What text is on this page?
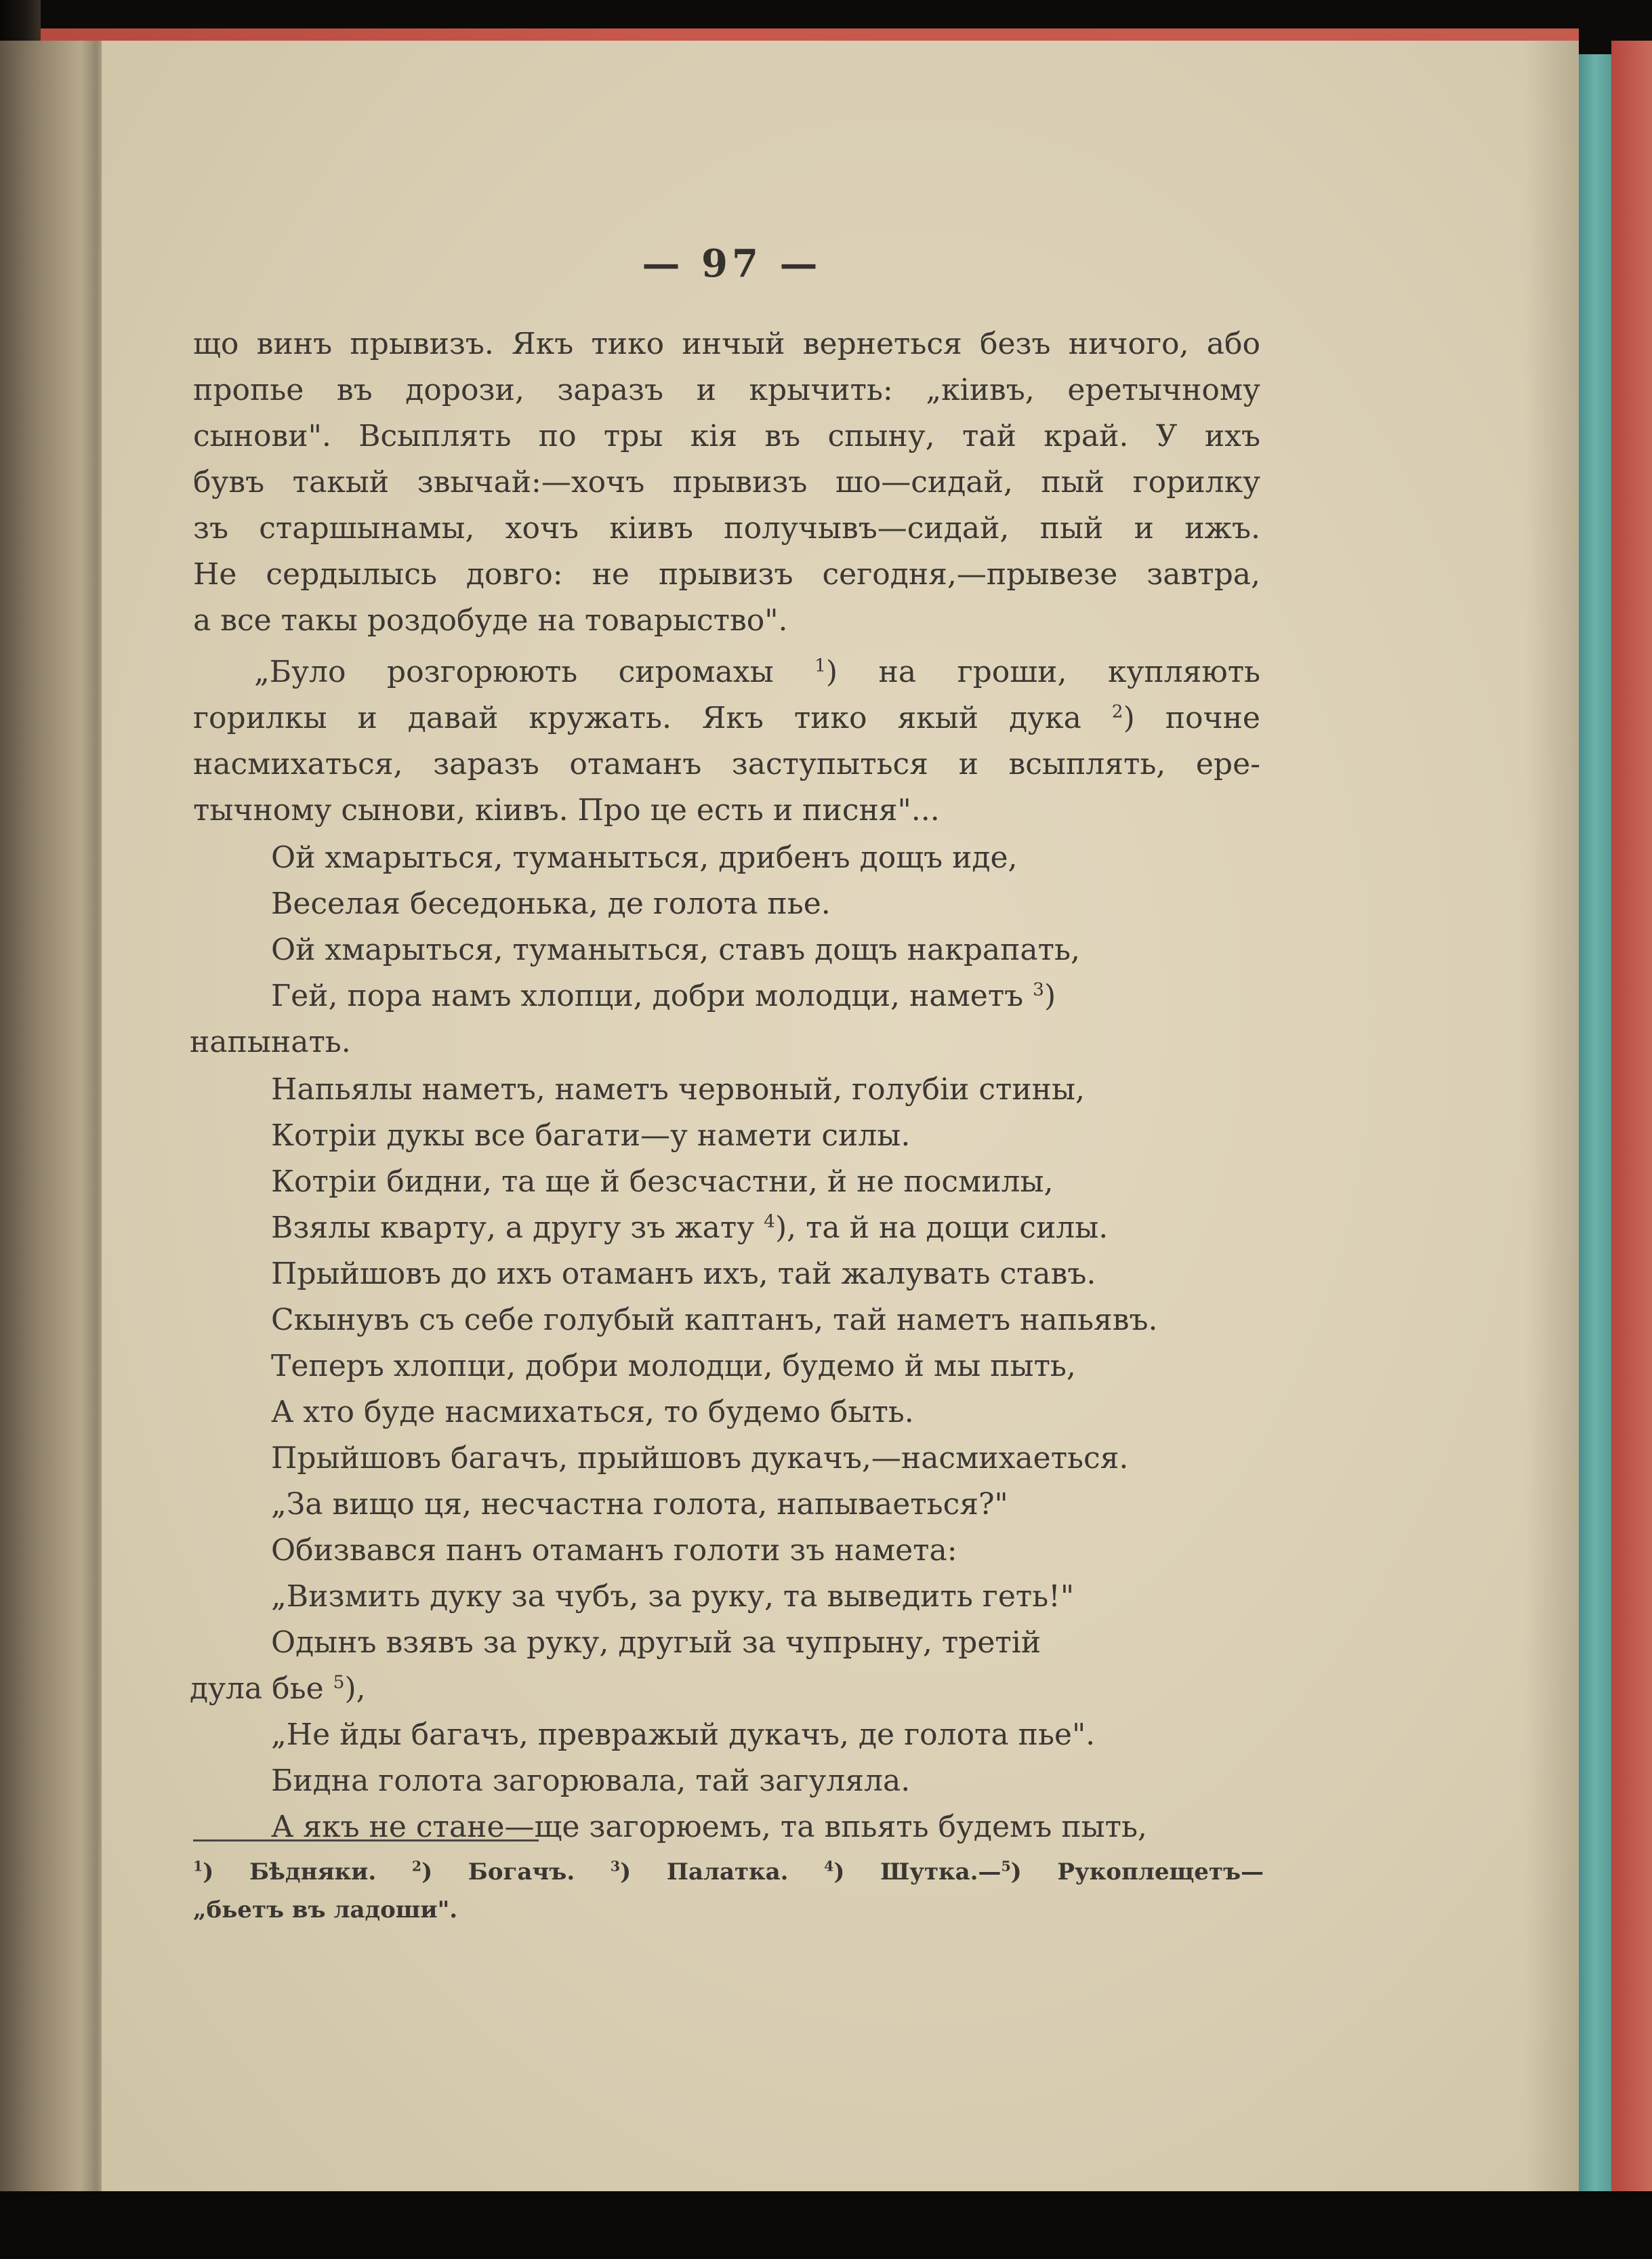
— 97 —
що винъ прывизъ. Якъ тико инчый вернеться безъ ничого, або
пропье въ дорози, заразъ и крычить: „кіивъ, еретычному
сынови". Всыплять по тры кія въ спыну, тай край. У ихъ
бувъ такый звычай:—хочъ прывизъ шо—сидай, пый горилку
зъ старшынамы, хочъ кіивъ получывъ—сидай, пый и ижъ.
Не сердылысь довго: не прывизъ сегодня,—прывезе завтра,
а все такы роздобуде на товарыство".
„Було розгорюють сиромахы $^1$) на гроши, купляють
горилкы и давай кружать. Якъ тико якый дука $^2$) почне
насмихаться, заразъ отаманъ заступыться и всыплять, ере-
тычному сынови, кіивъ. Про це есть и писня"...
Ой хмарыться, туманыться, дрибенъ дощъ иде,
Веселая беседонька, де голота пье.
Ой хмарыться, туманыться, ставъ дощъ накрапать,
Гей, пора намъ хлопци, добри молодци, наметъ $^3$)
напынать.
Напьялы наметъ, наметъ червоный, голубіи стины,
Котріи дукы все багати—у намети силы.
Котріи бидни, та ще й безсчастни, й не посмилы,
Взялы кварту, а другу зъ жату $^4$), та й на дощи силы.
Прыйшовъ до ихъ отаманъ ихъ, тай жалувать ставъ.
Скынувъ съ себе голубый каптанъ, тай наметъ напьявъ.
Теперъ хлопци, добри молодци, будемо й мы пыть,
А хто буде насмихаться, то будемо быть.
Прыйшовъ багачъ, прыйшовъ дукачъ,—насмихаеться.
„За вищо ця, несчастна голота, напываеться?"
Обизвався панъ отаманъ голоти зъ намета:
„Визмить дуку за чубъ, за руку, та выведить геть!"
Одынъ взявъ за руку, другый за чупрыну, третій
дула бье $^5$),
„Не йды багачъ, превражый дукачъ, де голота пье".
Бидна голота загорювала, тай загуляла.
А якъ не стане—ще загорюемъ, та впьять будемъ пыть,
$^1$) Бѣдняки.	$^2$) Богачъ.	$^3$) Палатка.	$^4$) Шутка.—$^5$) Рукоплещетъ—
„бьетъ въ ладоши".
